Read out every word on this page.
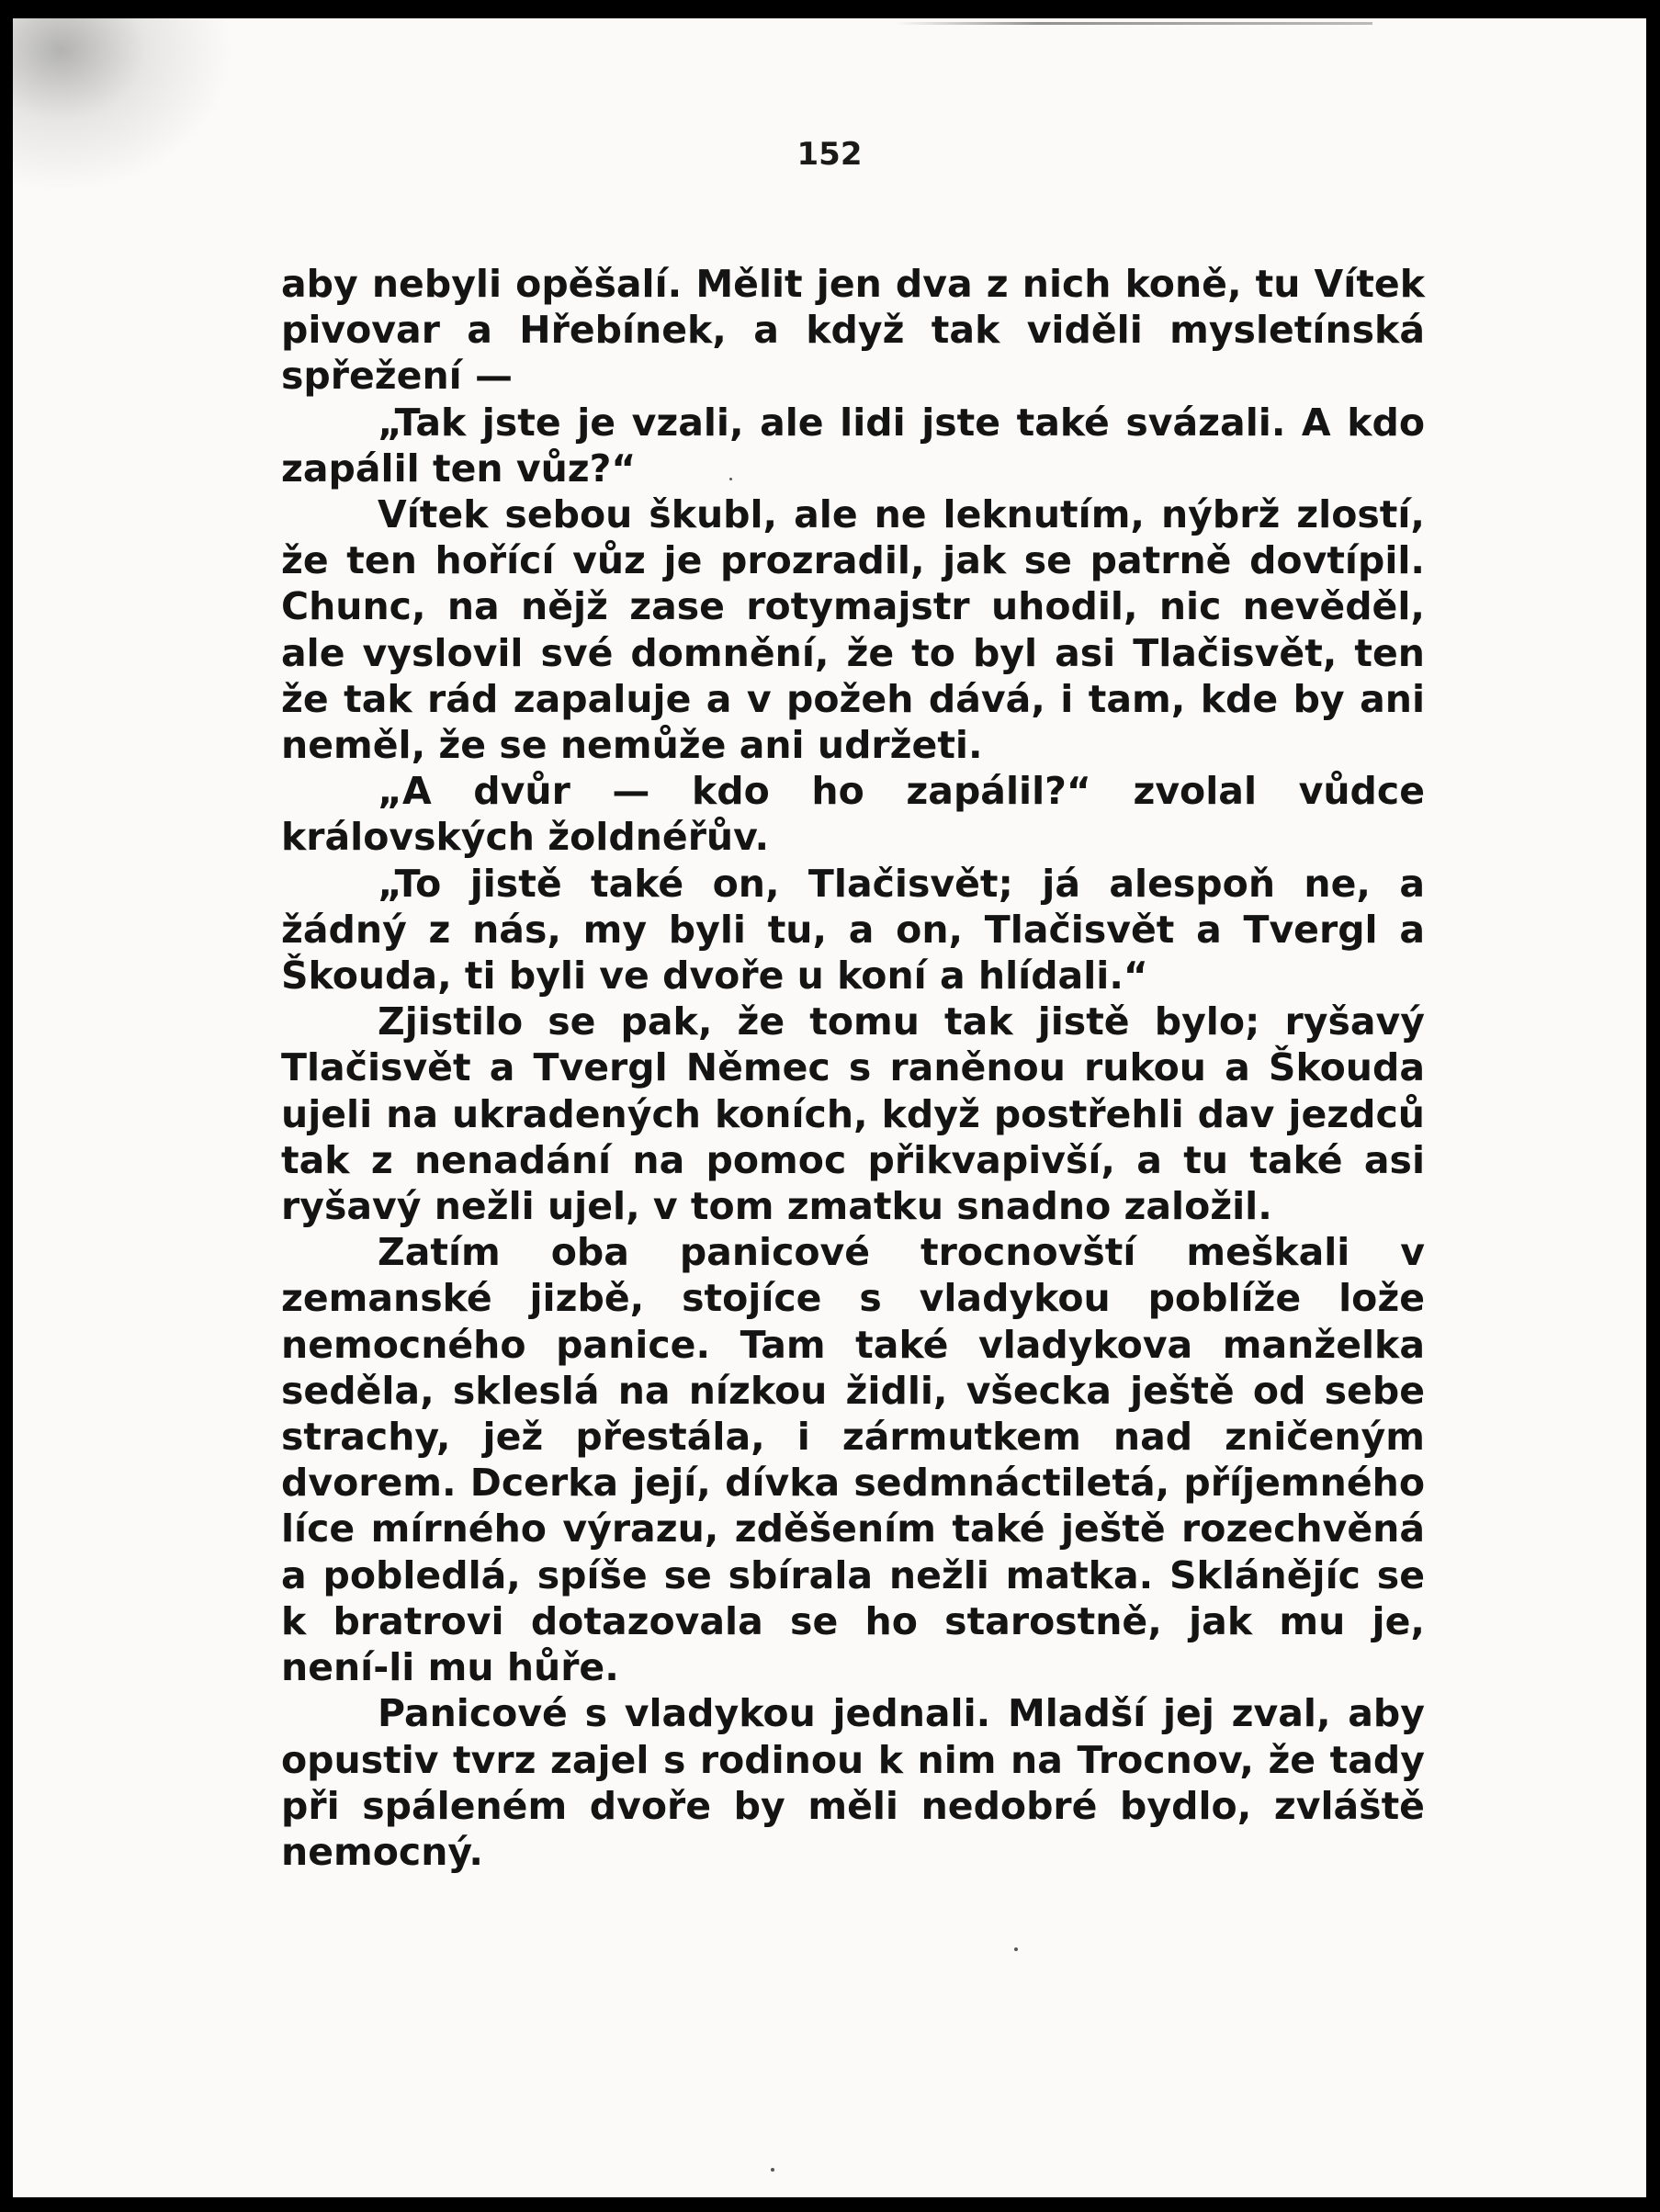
152

aby nebyli opěšalí. Mělit jen dva z nich koně, tu Vítek pivovar a Hřebínek, a když tak viděli mysletínská spřežení —

„Tak jste je vzali, ale lidi jste také svázali. A kdo zapálil ten vůz?“

Vítek sebou škubl, ale ne leknutím, nýbrž zlostí, že ten hořící vůz je prozradil, jak se patrně dovtípil. Chunc, na nějž zase rotymajstr uhodil, nic nevěděl, ale vyslovil své domnění, že to byl asi Tlačisvět, ten že tak rád zapaluje a v požeh dává, i tam, kde by ani neměl, že se nemůže ani udržeti.

„A dvůr — kdo ho zapálil?“ zvolal vůdce královských žoldnéřův.

„To jistě také on, Tlačisvět; já alespoň ne, a žádný z nás, my byli tu, a on, Tlačisvět a Tvergl a Škouda, ti byli ve dvoře u koní a hlídali.“

Zjistilo se pak, že tomu tak jistě bylo; ryšavý Tlačisvět a Tvergl Němec s raněnou rukou a Škouda ujeli na ukradených koních, když postřehli dav jezdců tak z nenadání na pomoc přikvapivší, a tu také asi ryšavý nežli ujel, v tom zmatku snadno založil.

Zatím oba panicové trocnovští meškali v zemanské jizbě, stojíce s vladykou poblíže lože nemocného panice. Tam také vladykova manželka seděla, skleslá na nízkou židli, všecka ještě od sebe strachy, jež přestála, i zármutkem nad zničeným dvorem. Dcerka její, dívka sedmnáctiletá, příjemného líce mírného výrazu, zděšením také ještě rozechvěná a pobledlá, spíše se sbírala nežli matka. Sklánějíc se k bratrovi dotazovala se ho starostně, jak mu je, není-li mu hůře.

Panicové s vladykou jednali. Mladší jej zval, aby opustiv tvrz zajel s rodinou k nim na Trocnov, že tady při spáleném dvoře by měli nedobré bydlo, zvláště nemocný.
